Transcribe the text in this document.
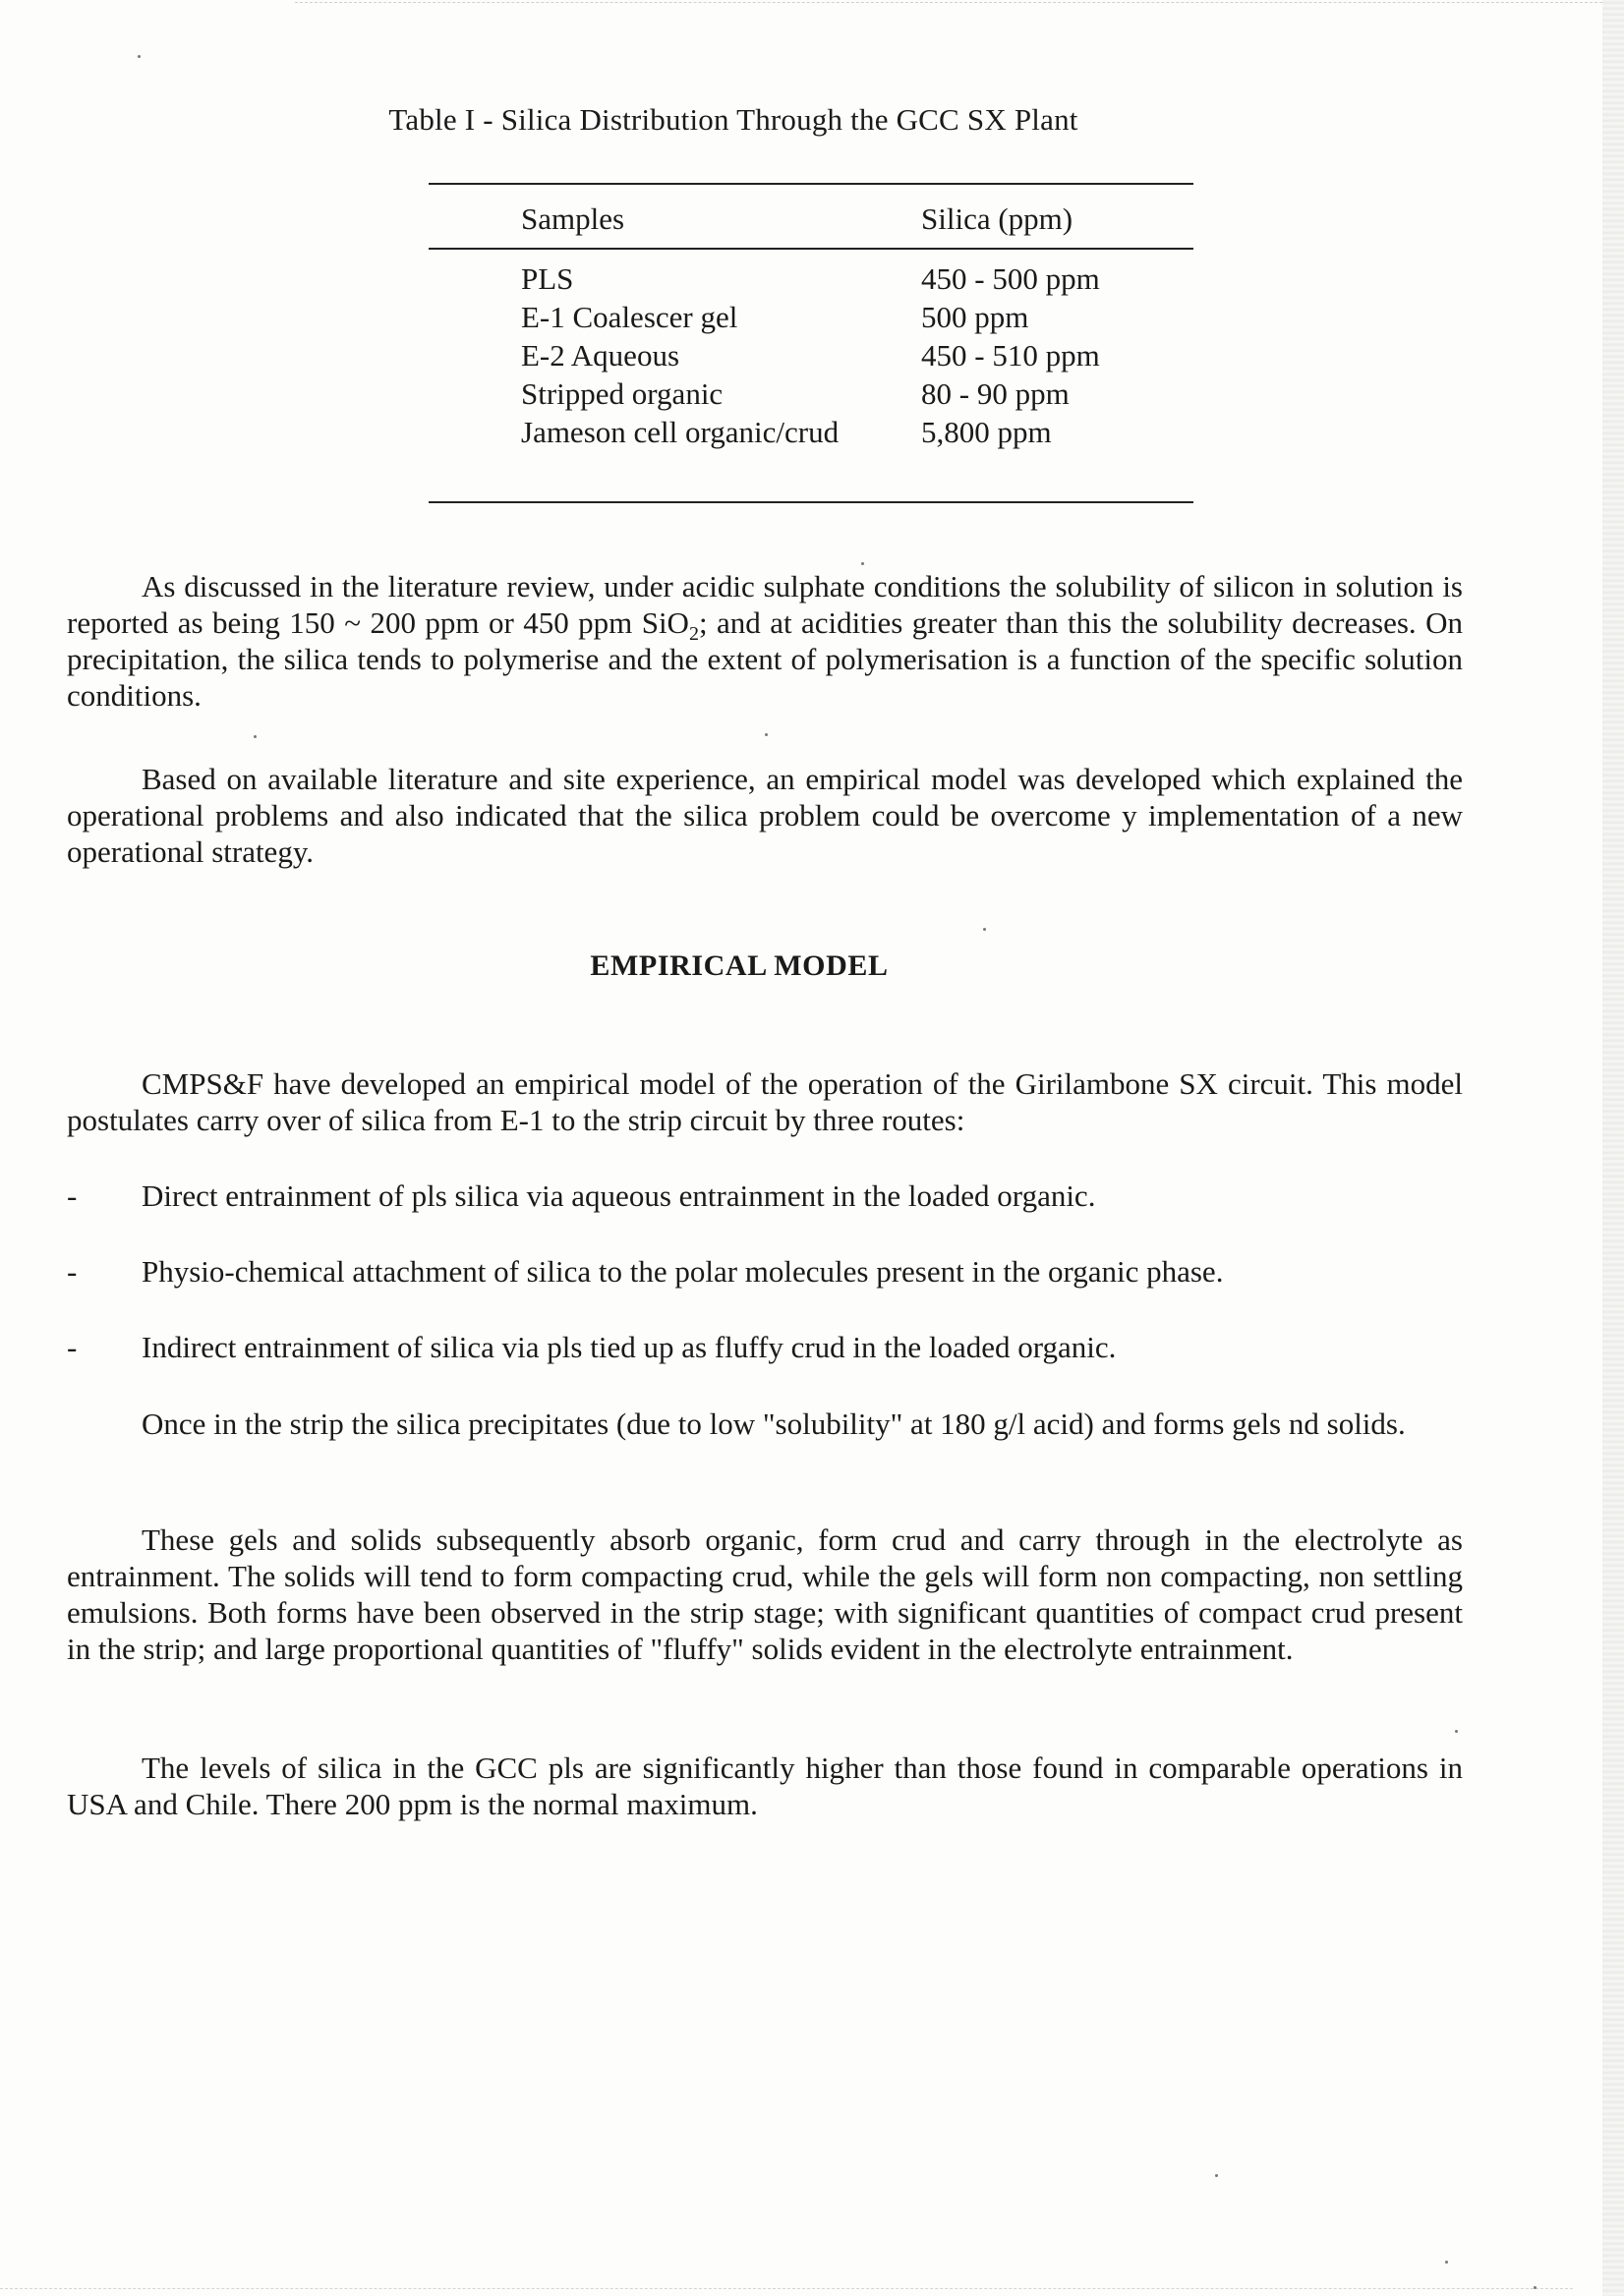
Table I - Silica Distribution Through the GCC SX Plant
Samples	Silica (ppm)
PLS	450 - 500 ppm
E-1 Coalescer gel	500 ppm
E-2 Aqueous	450 - 510 ppm
Stripped organic	80 - 90 ppm
Jameson cell organic/crud	5,800 ppm
As discussed in the literature review, under acidic sulphate conditions the solubility of silicon in solution is reported as being 150 ~ 200 ppm or 450 ppm SiO$_2$; and at acidities greater than this the solubility decreases. On precipitation, the silica tends to polymerise and the extent of polymerisation is a function of the specific solution conditions.
Based on available literature and site experience, an empirical model was developed which explained the operational problems and also indicated that the silica problem could be overcome y implementation of a new operational strategy.
EMPIRICAL MODEL
CMPS&F have developed an empirical model of the operation of the Girilambone SX circuit. This model postulates carry over of silica from E-1 to the strip circuit by three routes:
- Direct entrainment of pls silica via aqueous entrainment in the loaded organic.
- Physio-chemical attachment of silica to the polar molecules present in the organic phase.
- Indirect entrainment of silica via pls tied up as fluffy crud in the loaded organic.
Once in the strip the silica precipitates (due to low "solubility" at 180 g/l acid) and forms gels nd solids.
These gels and solids subsequently absorb organic, form crud and carry through in the electrolyte as entrainment. The solids will tend to form compacting crud, while the gels will form non compacting, non settling emulsions. Both forms have been observed in the strip stage; with significant quantities of compact crud present in the strip; and large proportional quantities of "fluffy" solids evident in the electrolyte entrainment.
The levels of silica in the GCC pls are significantly higher than those found in comparable operations in USA and Chile. There 200 ppm is the normal maximum.
